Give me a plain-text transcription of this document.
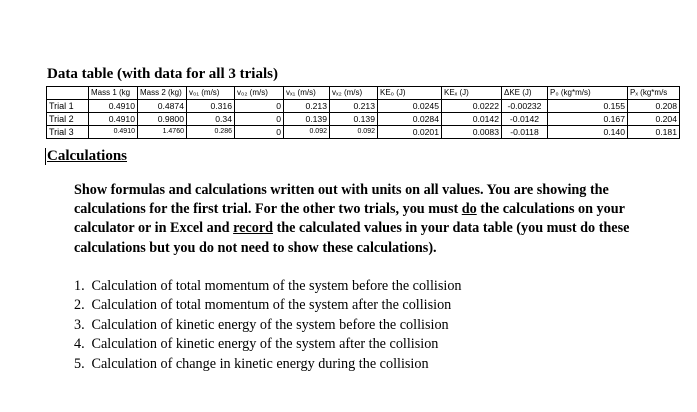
Data table (with data for all 3 trials)
	Mass 1 (kg	Mass 2 (kg)	v₀₁ (m/s)	v₀₂ (m/s)	vₓ₁ (m/s)	vₓ₂ (m/s)	KE₀ (J)	KEₓ (J)	ΔKE (J)	P₀ (kg*m/s)	Pₓ (kg*m/s
Trial 1	0.4910	0.4874	0.316	0	0.213	0.213	0.0245	0.0222	-0.00232	0.155	0.208
Trial 2	0.4910	0.9800	0.34	0	0.139	0.139	0.0284	0.0142	-0.0142	0.167	0.204
Trial 3	0.4910	1.4760	0.286	0	0.092	0.092	0.0201	0.0083	-0.0118	0.140	0.181
Calculations
Show formulas and calculations written out with units on all values. You are showing the calculations for the first trial. For the other two trials, you must do the calculations on your calculator or in Excel and record the calculated values in your data table (you must do these calculations but you do not need to show these calculations).
1. Calculation of total momentum of the system before the collision
2. Calculation of total momentum of the system after the collision
3. Calculation of kinetic energy of the system before the collision
4. Calculation of kinetic energy of the system after the collision
5. Calculation of change in kinetic energy during the collision
